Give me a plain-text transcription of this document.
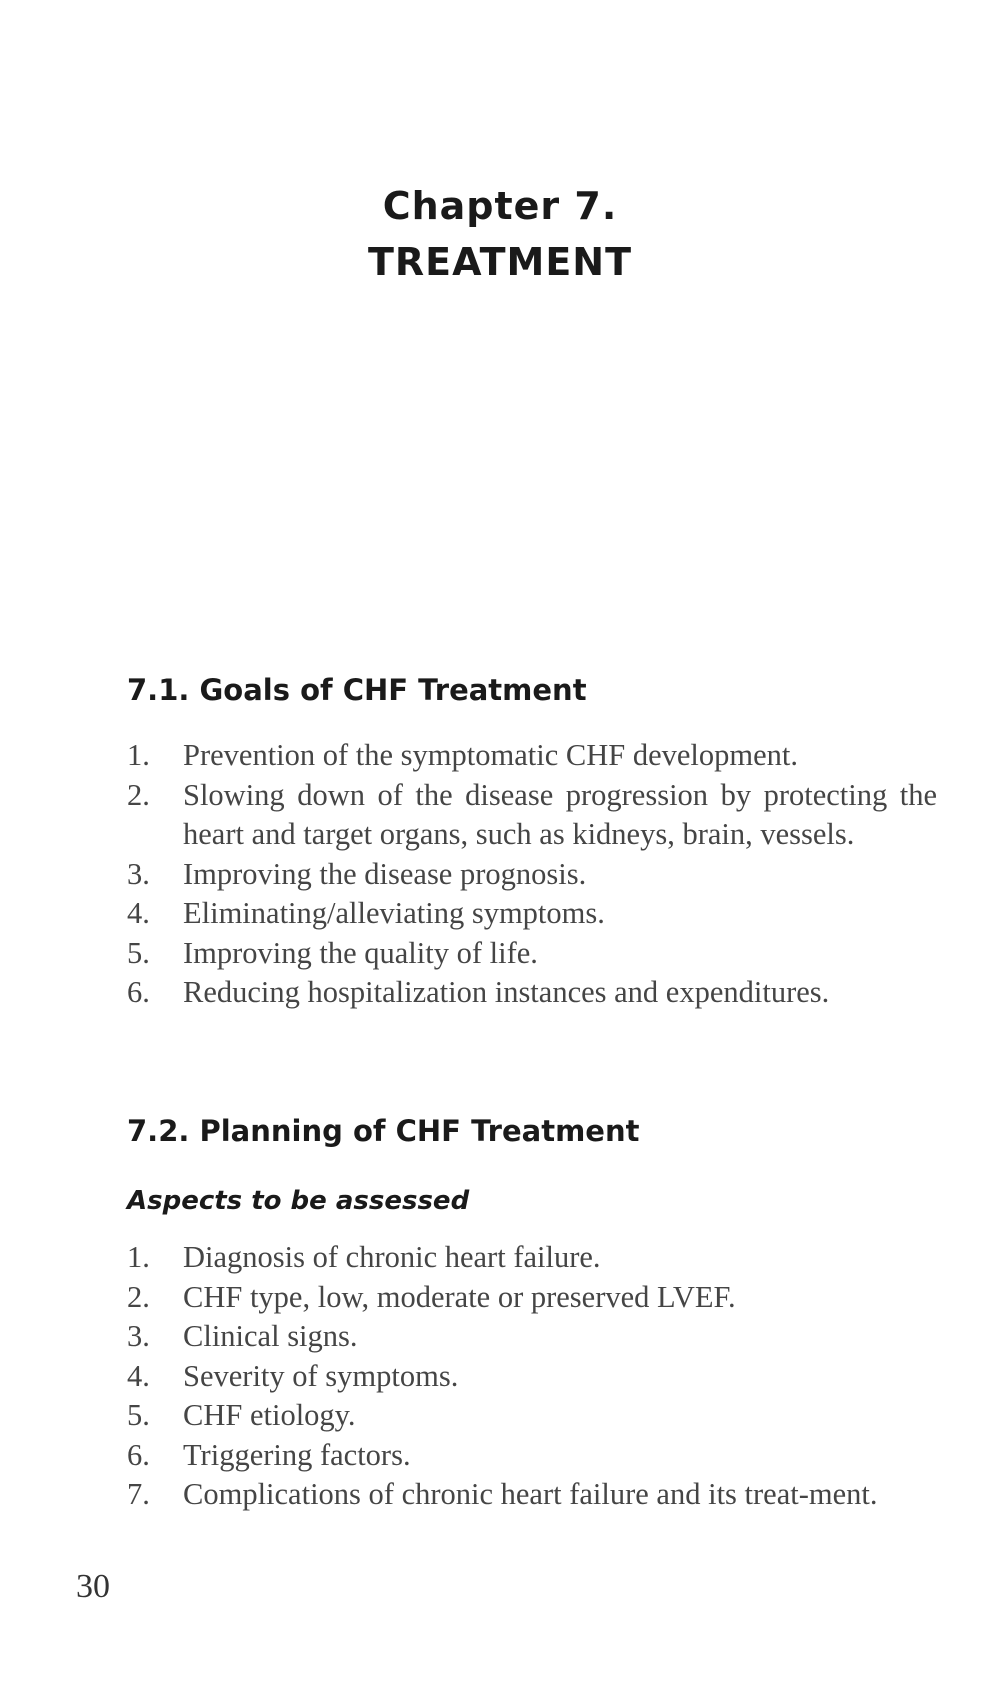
Chapter 7.
TREATMENT
7.1. Goals of CHF Treatment
1. Prevention of the symptomatic CHF development.
2. Slowing down of the disease progression by protecting the heart and target organs, such as kidneys, brain, vessels.
3. Improving the disease prognosis.
4. Eliminating/alleviating symptoms.
5. Improving the quality of life.
6. Reducing hospitalization instances and expenditures.
7.2. Planning of CHF Treatment
Aspects to be assessed
1. Diagnosis of chronic heart failure.
2. CHF type, low, moderate or preserved LVEF.
3. Clinical signs.
4. Severity of symptoms.
5. CHF etiology.
6. Triggering factors.
7. Complications of chronic heart failure and its treat-ment.
30
